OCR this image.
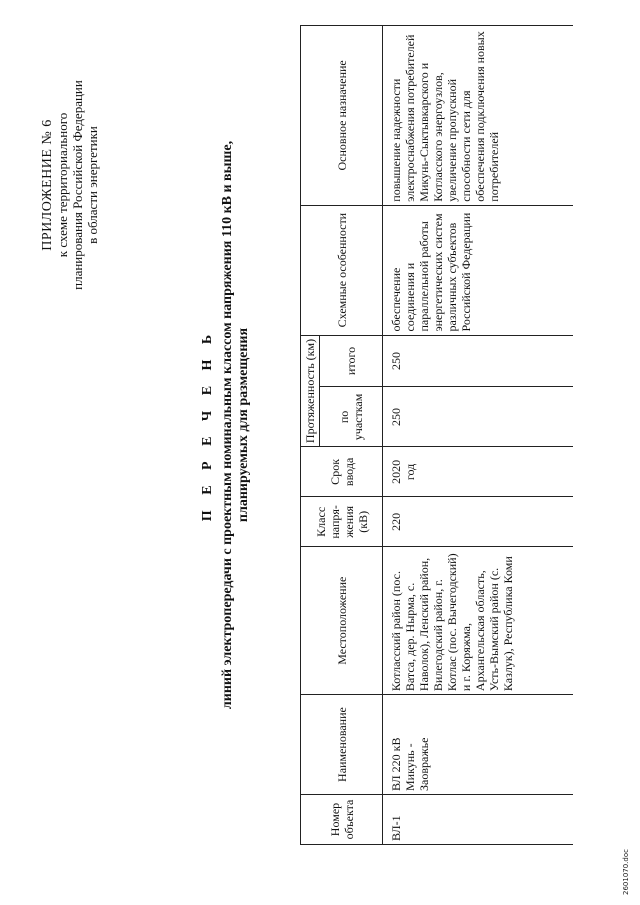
ПРИЛОЖЕНИЕ № 6 к схеме территориального планирования Российской Федерации в области энергетики
П Е Р Е Ч Е Н Ь линий электропередачи с проектным номинальным классом напряжения 110 кВ и выше, планируемых для размещения
Номер объекта	Наименование	Местоположение	Класс напря-жения (кВ)	Срок ввода	Протяженность (км)		Схемные особенности	Основное назначение
					по участкам	итого		
ВЛ-1	ВЛ 220 кВ Микунь - Заовражье	Котласский район (пос. Ватса, дер. Нырма, с. Наволок), Ленский район, Вилегодский район, г. Котлас (пос. Вычегодский) и г. Коряжма, Архангельская область, Усть-Вымский район (с. Казлук), Республика Коми	220	2020 год	250	250	обеспечение соединения и параллельной работы энергетических систем различных субъектов Российской Федерации	повышение надежности электроснабжения потребителей Микунь-Сыктывкарского и Котласского энергоузлов, увеличение пропускной способности сети для обеспечения подключения новых потребителей
2601070.doc
